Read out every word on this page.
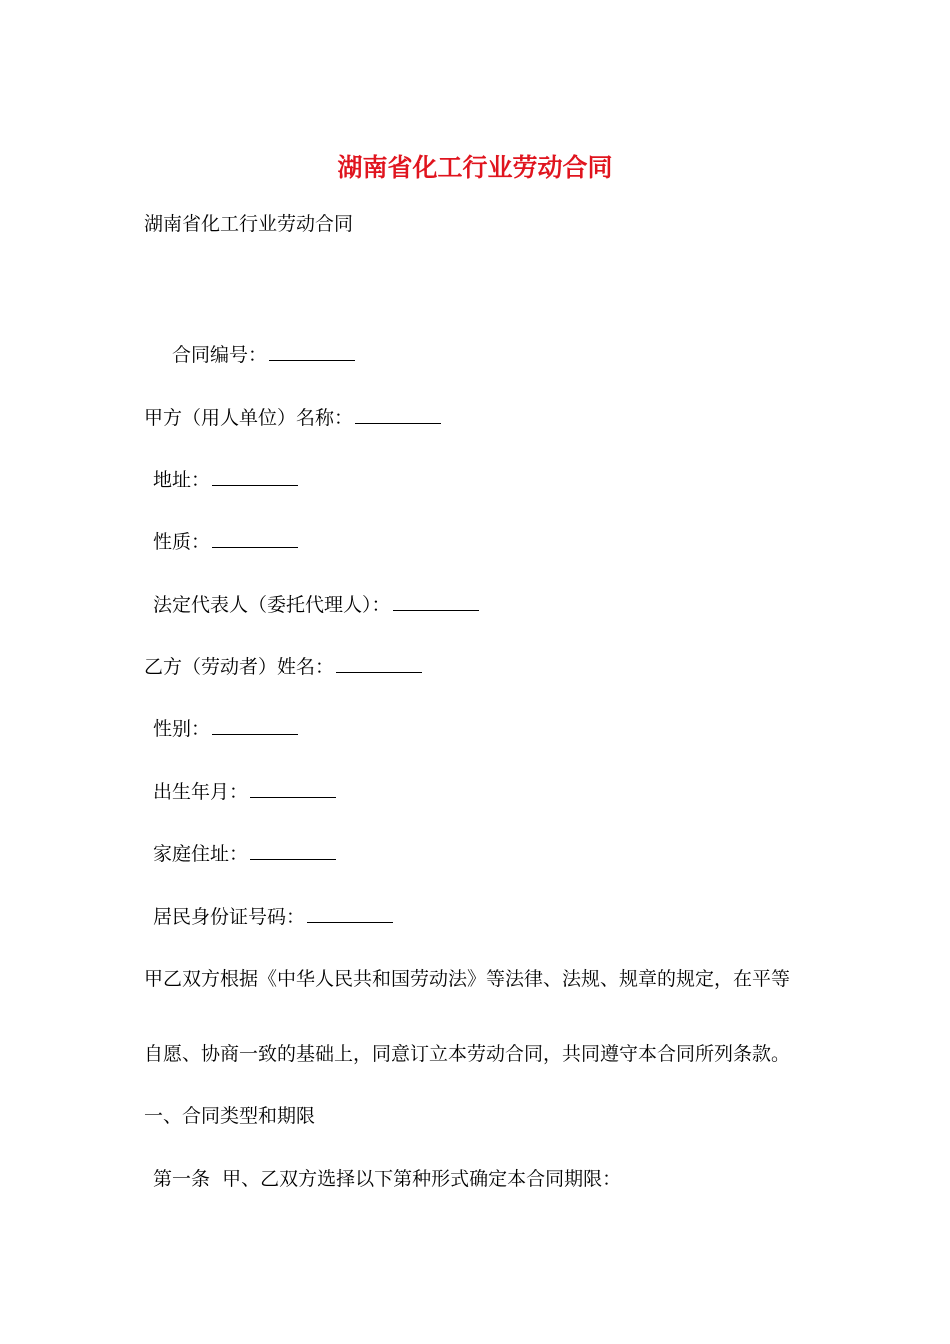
湖南省化工行业劳动合同
湖南省化工行业劳动合同
合同编号：
甲方（用人单位）名称：
地址：
性质：
法定代表人（委托代理人）：
乙方（劳动者）姓名：
性别：
出生年月：
家庭住址：
居民身份证号码：
甲乙双方根据《中华人民共和国劳动法》等法律、法规、规章的规定，在平等
自愿、协商一致的基础上，同意订立本劳动合同，共同遵守本合同所列条款。
一、合同类型和期限
第一条  甲、乙双方选择以下第种形式确定本合同期限：
